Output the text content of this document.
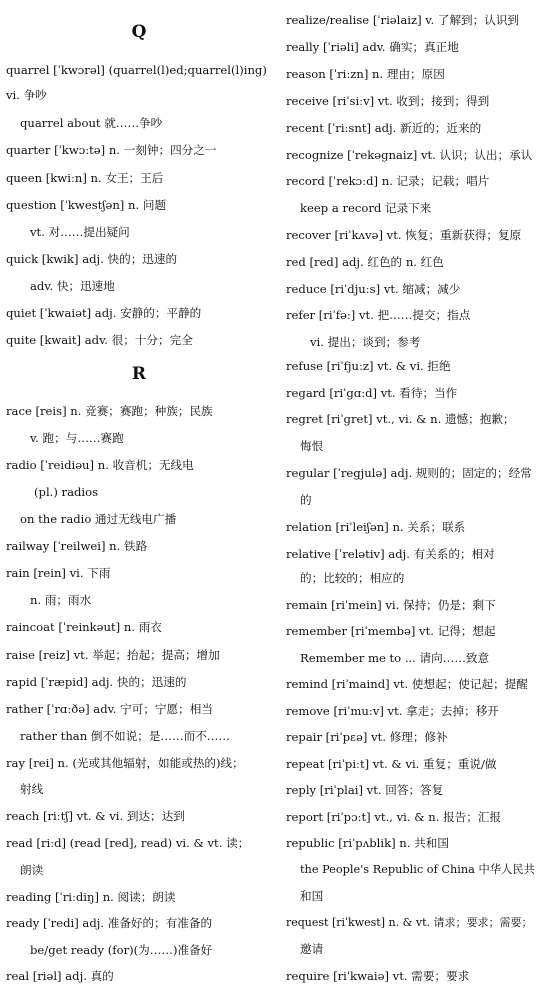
Q
quarrel [ˈkwɔrəl] (quarrel(l)ed;quarrel(l)ing)
vi. 争吵
quarrel about 就……争吵
quarter [ˈkwɔːtə] n. 一刻钟；四分之一
queen [kwiːn] n. 女王；王后
question [ˈkwestʃən] n. 问题
vt. 对……提出疑问
quick [kwik] adj. 快的；迅速的
adv. 快；迅速地
quiet [ˈkwaiət] adj. 安静的；平静的
quite [kwait] adv. 很；十分；完全
R
race [reis] n. 竞赛；赛跑；种族；民族
v. 跑；与……赛跑
radio [ˈreidiəu] n. 收音机；无线电
(pl.) radios
on the radio 通过无线电广播
railway [ˈreilwei] n. 铁路
rain [rein] vi. 下雨
n. 雨；雨水
raincoat [ˈreinkəut] n. 雨衣
raise [reiz] vt. 举起；抬起；提高；增加
rapid [ˈræpid] adj. 快的；迅速的
rather [ˈrɑːðə] adv. 宁可；宁愿；相当
rather than 倒不如说；是……而不……
ray [rei] n. (光或其他辐射，如能或热的)线；
射线
reach [riːtʃ] vt. & vi. 到达；达到
read [riːd] (read [red], read) vi. & vt. 读；
朗读
reading [ˈriːdiŋ] n. 阅读；朗读
ready [ˈredi] adj. 准备好的；有准备的
be/get ready (for)(为……)准备好
real [riəl] adj. 真的
realize/realise [ˈriəlaiz] v. 了解到；认识到
really [ˈriəli] adv. 确实；真正地
reason [ˈriːzn] n. 理由；原因
receive [riˈsiːv] vt. 收到；接到；得到
recent [ˈriːsnt] adj. 新近的；近来的
recognize [ˈrekəgnaiz] vt. 认识；认出；承认
record [ˈrekɔːd] n. 记录；记载；唱片
keep a record 记录下来
recover [riˈkʌvə] vt. 恢复；重新获得；复原
red [red] adj. 红色的 n. 红色
reduce [riˈdjuːs] vt. 缩减；减少
refer [riˈfəː] vt. 把……提交；指点
vi. 提出；谈到；参考
refuse [riˈfjuːz] vt. & vi. 拒绝
regard [riˈgɑːd] vt. 看待；当作
regret [riˈgret] vt., vi. & n. 遗憾；抱歉；
悔恨
regular [ˈregjulə] adj. 规则的；固定的；经常
的
relation [riˈleiʃən] n. 关系；联系
relative [ˈrelətiv] adj. 有关系的；相对
的；比较的；相应的
remain [riˈmein] vi. 保持；仍是；剩下
remember [riˈmembə] vt. 记得；想起
Remember me to ... 请向……致意
remind [riˈmaind] vt. 使想起；使记起；提醒
remove [riˈmuːv] vt. 拿走；去掉；移开
repair [riˈpɛə] vt. 修理；修补
repeat [riˈpiːt] vt. & vi. 重复；重说/做
reply [riˈplai] vt. 回答；答复
report [riˈpɔːt] vt., vi. & n. 报告；汇报
republic [riˈpʌblik] n. 共和国
the People's Republic of China 中华人民共
和国
request [riˈkwest] n. & vt. 请求；要求；需要；
邀请
require [riˈkwaiə] vt. 需要；要求
